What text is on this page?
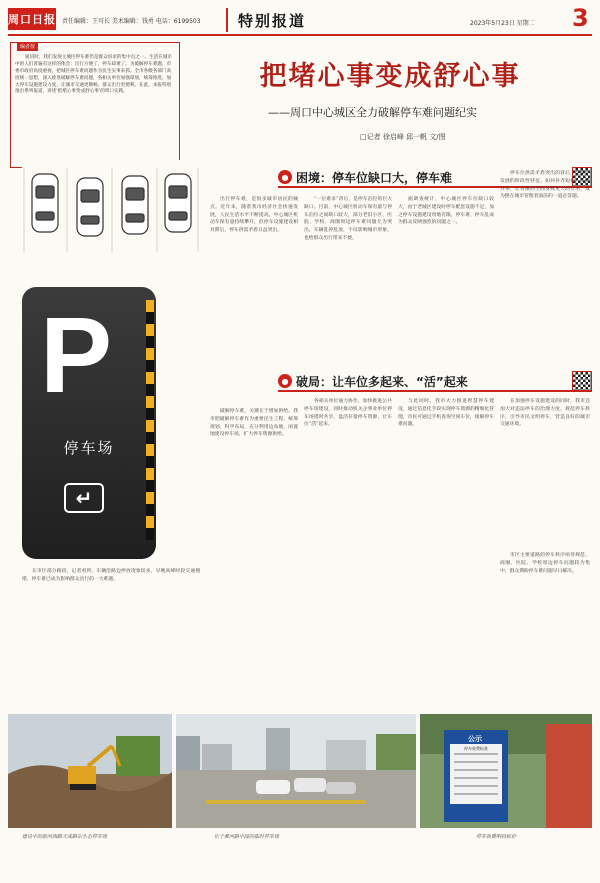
周口日报 责任编辑：王可长 美术编辑：钱勇 电话：6199503	特别报道	2023年5月23日 星期二 3
编者按
通讯时，我们发现主城区停车难仍是群众诉求的集中点之一。生活在城市中的人们普遍有这样的体会：出行方便了，停车却难了。为破解停车难题，市委市政府高度重视，把城区停车难问题作为民生实事来抓。全市各级各部门高度统一思想，深入推进破解停车难问题，各相关单位加强谋划，统筹推进，加大停车设施建设力度，让城市交通更顺畅、群众出行更便利。在此，本报特别推出系列报道，讲述'把堵心事变成舒心事'的周口实践。	把堵心事变成舒心事
——周口中心城区全力破解停车难问题纪实
□记者 徐启峰 邱一帆 文/图
● 困境：停车位缺口大，停车难
出行停车难，是很多城市居民的痛点。近年来，随着我市经济社会快速发展，人民生活水平不断提高，中心城区机动车保有量持续攀升，但停车设施建设相对滞后，停车供需矛盾日益突出。
“一位难求”背后，是停车泊位的巨大缺口。目前，中心城区机动车保有量与停车泊位之间缺口较大，部分老旧小区、医院、学校、商圈周边停车难问题尤为突出。车辆乱停乱放，不仅影响城市形象，也给群众出行带来不便。
据调查统计，中心城区停车位缺口较大，由于老城区建设时停车配套设施不足，加之停车设施建设用地有限，停车难、停车乱成为群众反映强烈的问题之一。
停车位供需矛盾突出的背后，是城市发展的阶段性特征。如何补齐短板、多措并举，让有限的空间发挥更大的作用，成为摆在城市管理者面前的一道必答题。
● 破局：让车位多起来、“活”起来
P
停车场
↵
破解停车难，关键在于增加供给。我市把破解停车难作为重要民生工程，统筹规划、科学布局，充分利用边角地、闲置地建设停车场，扩大停车资源供给。
各相关单位通力协作，加快推进公共停车场建设，同时推动机关企事业单位停车场错时共享，盘活存量停车资源，让车位“活”起来。
与此同时，我市大力推进智慧停车建设，通过信息化手段实现停车资源的精细化管理，市民可通过手机查询空闲车位，缓解停车难问题。
在加强停车设施建设的同时，我市还加大对违法停车的治理力度，规范停车秩序，引导市民文明停车，营造良好的城市交通环境。
市区主要道路的停车秩序亟待规范，商圈、医院、学校周边停车问题较为集中，群众期盼停车难问题早日解决。
在市区部分路段，记者看到，车辆沿路边停放现象较多，早晚高峰时段交通拥堵，停车难已成为影响群众出行的一大难题。
建设中的新河西路天成路东生态停车场	位于淮河路中段的临时停车场
公示
停车收费标准
停车收费明码标价
